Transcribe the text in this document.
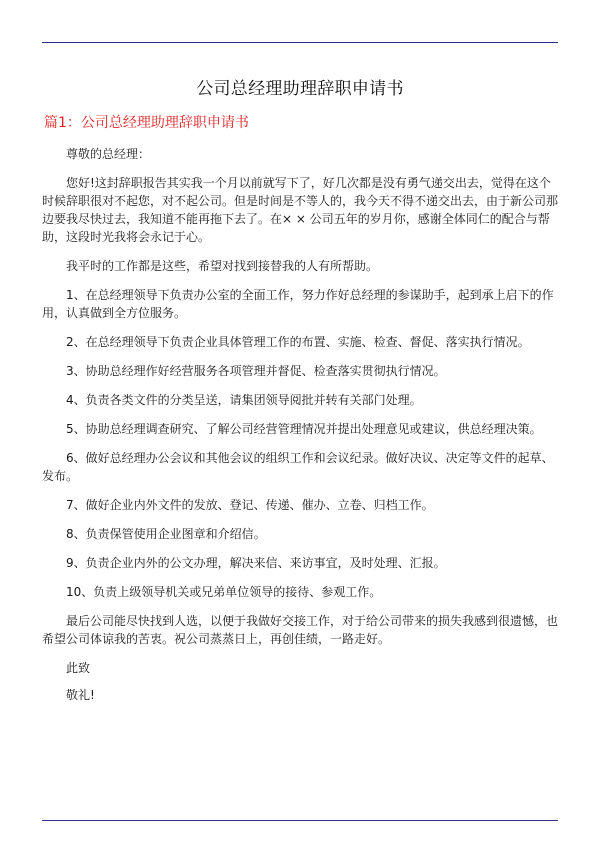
公司总经理助理辞职申请书
篇1：公司总经理助理辞职申请书

尊敬的总经理：

您好!这封辞职报告其实我一个月以前就写下了，好几次都是没有勇气递交出去，觉得在这个时候辞职很对不起您，对不起公司。但是时间是不等人的，我今天不得不递交出去，由于新公司那边要我尽快过去，我知道不能再拖下去了。在× × 公司五年的岁月你，感谢全体同仁的配合与帮助，这段时光我将会永记于心。

我平时的工作都是这些，希望对找到接替我的人有所帮助。

1、在总经理领导下负责办公室的全面工作，努力作好总经理的参谋助手，起到承上启下的作用，认真做到全方位服务。

2、在总经理领导下负责企业具体管理工作的布置、实施、检查、督促、落实执行情况。

3、协助总经理作好经营服务各项管理并督促、检查落实贯彻执行情况。

4、负责各类文件的分类呈送，请集团领导阅批并转有关部门处理。

5、协助总经理调查研究、了解公司经营管理情况并提出处理意见或建议，供总经理决策。

6、做好总经理办公会议和其他会议的组织工作和会议纪录。做好决议、决定等文件的起草、发布。

7、做好企业内外文件的发放、登记、传递、催办、立卷、归档工作。

8、负责保管使用企业图章和介绍信。

9、负责企业内外的公文办理，解决来信、来访事宜，及时处理、汇报。

10、负责上级领导机关或兄弟单位领导的接待、参观工作。

最后公司能尽快找到人选，以便于我做好交接工作，对于给公司带来的损失我感到很遗憾，也希望公司体谅我的苦衷。祝公司蒸蒸日上，再创佳绩，一路走好。

此致

敬礼!
